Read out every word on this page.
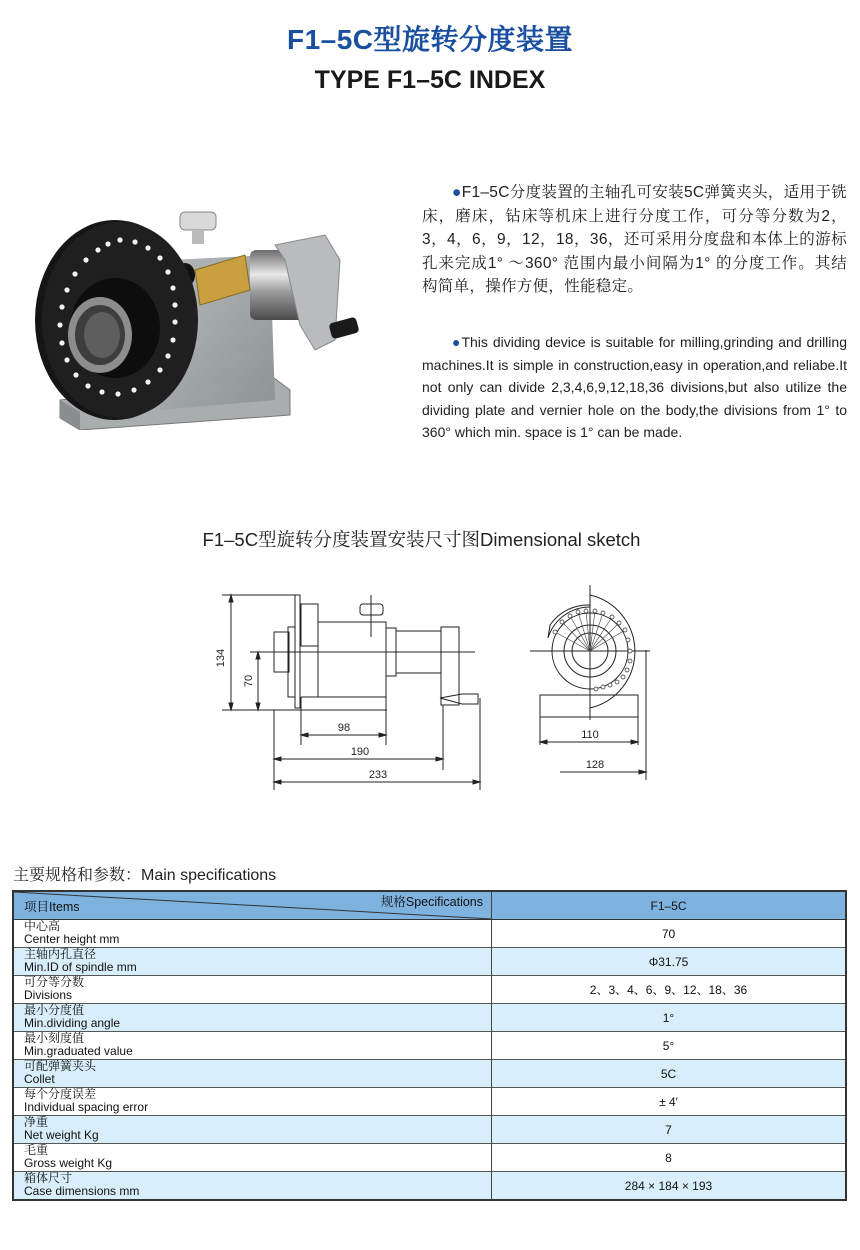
F1–5C型旋转分度装置
TYPE F1–5C INDEX
●F1–5C分度装置的主轴孔可安装5C弹簧夹头，适用于铣床，磨床，钻床等机床上进行分度工作，可分等分数为2，3，4，6，9，12，18，36，还可采用分度盘和本体上的游标孔来完成1° ～360° 范围内最小间隔为1° 的分度工作。其结构简单，操作方便，性能稳定。
●This dividing device is suitable for milling,grinding and drilling machines.It is simple in construction,easy in operation,and reliabe.It not only can divide 2,3,4,6,9,12,18,36 divisions,but also utilize the dividing plate and vernier hole on the body,the divisions from 1° to 360° which min. space is 1° can be made.
F1–5C型旋转分度装置安装尺寸图Dimensional sketch
134
70
98
190
233
110
128
主要规格和参数：Main specifications
项目Items 规格Specifications	F1–5C

中心高
Center height mm	70

主轴内孔直径
Min.ID of spindle mm	Φ31.75

可分等分数
Divisions	2、3、4、6、9、12、18、36

最小分度值
Min.dividing angle	1°

最小刻度值
Min.graduated value	5°

可配弹簧夹头
Collet	5C

每个分度误差
Individual spacing error	± 4′

净重
Net weight Kg	7

毛重
Gross weight Kg	8

箱体尺寸
Case dimensions mm	284 × 184 × 193
